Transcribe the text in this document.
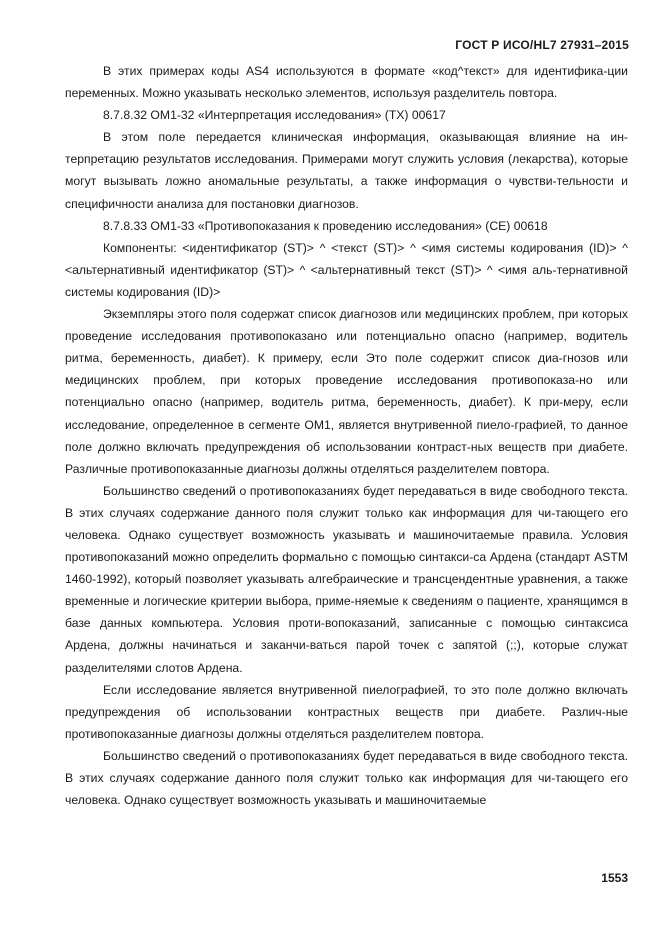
ГОСТ Р ИСО/HL7 27931–2015

В этих примерах коды AS4 используются в формате «код^текст» для идентифика-ции переменных. Можно указывать несколько элементов, используя разделитель повтора.

8.7.8.32 OM1-32 «Интерпретация исследования» (TX) 00617

В этом поле передается клиническая информация, оказывающая влияние на ин-терпретацию результатов исследования. Примерами могут служить условия (лекарства), которые могут вызывать ложно аномальные результаты, а также информация о чувстви-тельности и специфичности анализа для постановки диагнозов.

8.7.8.33 OM1-33 «Противопоказания к проведению исследования» (CE) 00618

Компоненты: <идентификатор (ST)> ^ <текст (ST)> ^ <имя системы кодирования (ID)> ^ <альтернативный идентификатор (ST)> ^ <альтернативный текст (ST)> ^ <имя аль-тернативной системы кодирования (ID)>

Экземпляры этого поля содержат список диагнозов или медицинских проблем, при которых проведение исследования противопоказано или потенциально опасно (например, водитель ритма, беременность, диабет). К примеру, если Это поле содержит список диа-гнозов или медицинских проблем, при которых проведение исследования противопоказа-но или потенциально опасно (например, водитель ритма, беременность, диабет). К при-меру, если исследование, определенное в сегменте OM1, является внутривенной пиело-графией, то данное поле должно включать предупреждения об использовании контраст-ных веществ при диабете. Различные противопоказанные диагнозы должны отделяться разделителем повтора.

Большинство сведений о противопоказаниях будет передаваться в виде свободного текста. В этих случаях содержание данного поля служит только как информация для чи-тающего его человека. Однако существует возможность указывать и машиночитаемые правила. Условия противопоказаний можно определить формально с помощью синтакси-са Ардена (стандарт ASTM 1460-1992), который позволяет указывать алгебраические и трансцендентные уравнения, а также временные и логические критерии выбора, приме-няемые к сведениям о пациенте, хранящимся в базе данных компьютера. Условия проти-вопоказаний, записанные с помощью синтаксиса Ардена, должны начинаться и заканчи-ваться парой точек с запятой (;;), которые служат разделителями слотов Ардена.

Если исследование является внутривенной пиелографией, то это поле должно включать предупреждения об использовании контрастных веществ при диабете. Различ-ные противопоказанные диагнозы должны отделяться разделителем повтора.

Большинство сведений о противопоказаниях будет передаваться в виде свободного текста. В этих случаях содержание данного поля служит только как информация для чи-тающего его человека. Однако существует возможность указывать и машиночитаемые

1553
